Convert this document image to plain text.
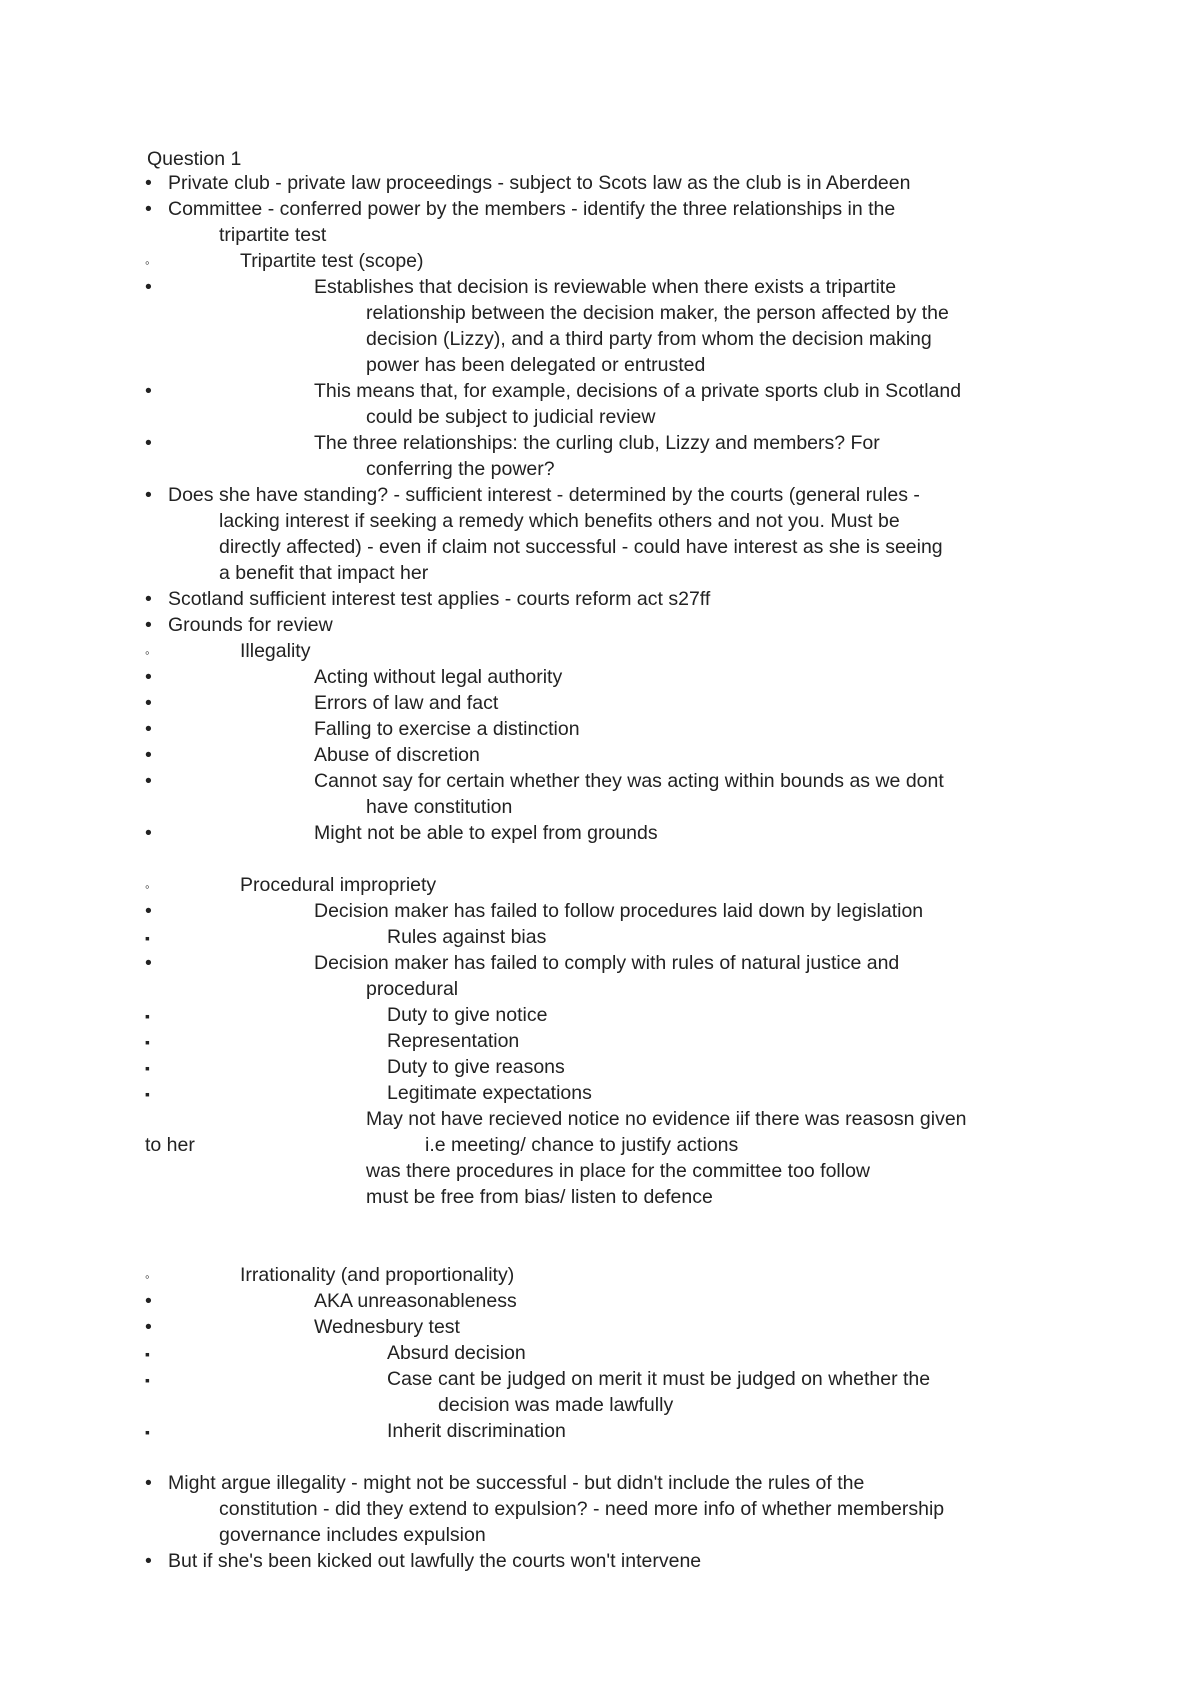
Question 1
•
Private club - private law proceedings - subject to Scots law as the club is in Aberdeen
•
Committee - conferred power by the members - identify the three relationships in the
tripartite test
◦
Tripartite test (scope)
•
Establishes that decision is reviewable when there exists a tripartite
relationship between the decision maker, the person affected by the
decision (Lizzy), and a third party from whom the decision making
power has been delegated or entrusted
•
This means that, for example, decisions of a private sports club in Scotland
could be subject to judicial review
•
The three relationships: the curling club, Lizzy and members? For
conferring the power?
•
Does she have standing? - sufficient interest - determined by the courts (general rules -
lacking interest if seeking a remedy which benefits others and not you. Must be
directly affected) - even if claim not successful - could have interest as she is seeing
a benefit that impact her
•
Scotland sufficient interest test applies - courts reform act s27ff
•
Grounds for review
◦
Illegality
•
Acting without legal authority
•
Errors of law and fact
•
Falling to exercise a distinction
•
Abuse of discretion
•
Cannot say for certain whether they was acting within bounds as we dont
have constitution
•
Might not be able to expel from grounds
◦
Procedural impropriety
•
Decision maker has failed to follow procedures laid down by legislation
▪
Rules against bias
•
Decision maker has failed to comply with rules of natural justice and
procedural
▪
Duty to give notice
▪
Representation
▪
Duty to give reasons
▪
Legitimate expectations
May not have recieved notice no evidence iif there was reasosn given
to her	i.e meeting/ chance to justify actions
was there procedures in place for the committee too follow
must be free from bias/ listen to defence
◦
Irrationality (and proportionality)
•
AKA unreasonableness
•
Wednesbury test
▪
Absurd decision
▪
Case cant be judged on merit it must be judged on whether the
decision was made lawfully
▪
Inherit discrimination
•
Might argue illegality - might not be successful - but didn't include the rules of the
constitution - did they extend to expulsion? - need more info of whether membership
governance includes expulsion
•
But if she's been kicked out lawfully the courts won't intervene
